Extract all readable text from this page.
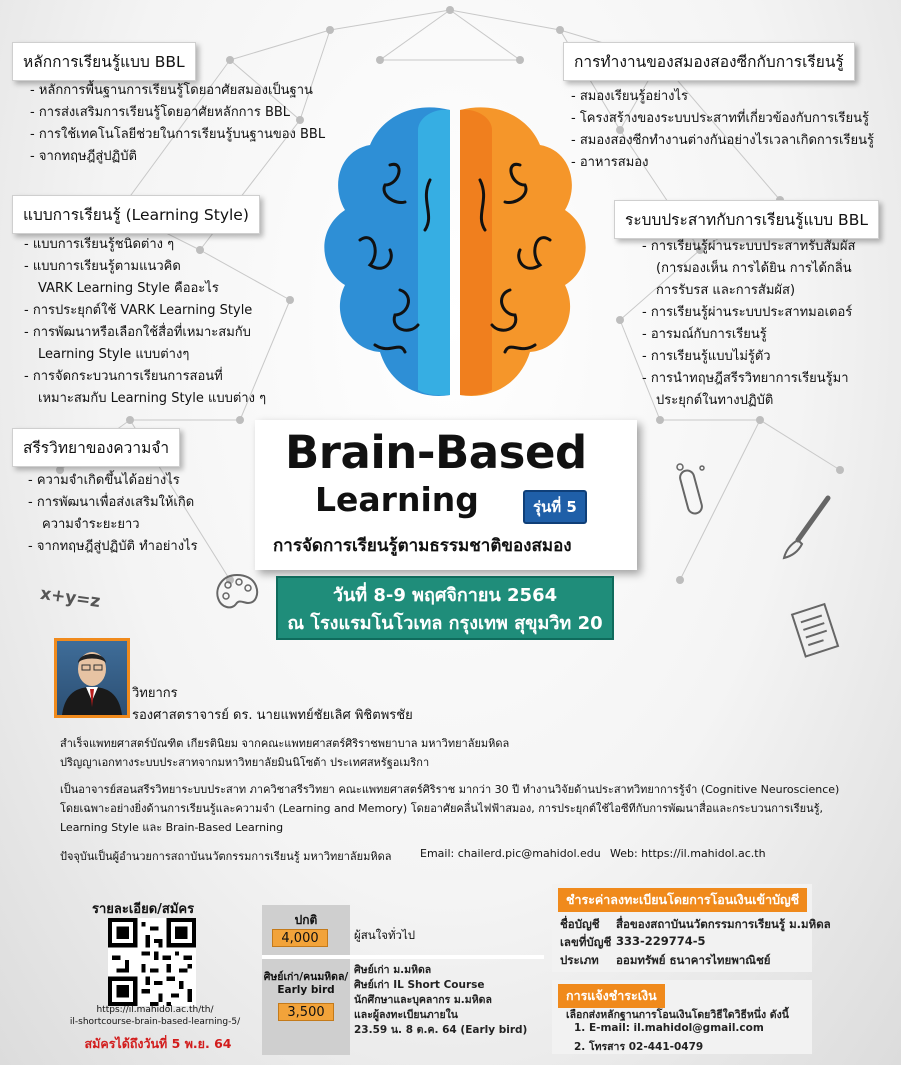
หลักการเรียนรู้แบบ BBL
- หลักการพื้นฐานการเรียนรู้โดยอาศัยสมองเป็นฐาน
- การส่งเสริมการเรียนรู้โดยอาศัยหลักการ BBL
- การใช้เทคโนโลยีช่วยในการเรียนรู้บนฐานของ BBL
- จากทฤษฎีสู่ปฏิบัติ
แบบการเรียนรู้ (Learning Style)
- แบบการเรียนรู้ชนิดต่าง ๆ
- แบบการเรียนรู้ตามแนวคิด
VARK Learning Style คืออะไร
- การประยุกต์ใช้ VARK Learning Style
- การพัฒนาหรือเลือกใช้สื่อที่เหมาะสมกับ
Learning Style แบบต่างๆ
- การจัดกระบวนการเรียนการสอนที่
เหมาะสมกับ Learning Style แบบต่าง ๆ
สรีรวิทยาของความจำ
- ความจำเกิดขึ้นได้อย่างไร
- การพัฒนาเพื่อส่งเสริมให้เกิด
ความจำระยะยาว
- จากทฤษฎีสู่ปฏิบัติ ทำอย่างไร
การทำงานของสมองสองซีกกับการเรียนรู้
- สมองเรียนรู้อย่างไร
- โครงสร้างของระบบประสาทที่เกี่ยวข้องกับการเรียนรู้
- สมองสองซีกทำงานต่างกันอย่างไรเวลาเกิดการเรียนรู้
- อาหารสมอง
ระบบประสาทกับการเรียนรู้แบบ BBL
- การเรียนรู้ผ่านระบบประสาทรับสัมผัส
(การมองเห็น การได้ยิน การได้กลิ่น
การรับรส และการสัมผัส)
- การเรียนรู้ผ่านระบบประสาทมอเตอร์
- อารมณ์กับการเรียนรู้
- การเรียนรู้แบบไม่รู้ตัว
- การนำทฤษฎีสรีรวิทยาการเรียนรู้มา
ประยุกต์ในทางปฏิบัติ
Brain-Based
Learning	รุ่นที่ 5
การจัดการเรียนรู้ตามธรรมชาติของสมอง
วันที่ 8-9 พฤศจิกายน 2564
ณ โรงแรมโนโวเทล กรุงเทพ สุขุมวิท 20
x+y=z
วิทยากร
รองศาสตราจารย์ ดร. นายแพทย์ชัยเลิศ พิชิตพรชัย
สำเร็จแพทยศาสตร์บัณฑิต เกียรตินิยม จากคณะแพทยศาสตร์ศิริราชพยาบาล มหาวิทยาลัยมหิดล
ปริญญาเอกทางระบบประสาทจากมหาวิทยาลัยมินนิโซต้า ประเทศสหรัฐอเมริกา
เป็นอาจารย์สอนสรีรวิทยาระบบประสาท ภาควิชาสรีรวิทยา คณะแพทยศาสตร์ศิริราช มากว่า 30 ปี ทำงานวิจัยด้านประสาทวิทยาการรู้จำ (Cognitive Neuroscience)
โดยเฉพาะอย่างยิ่งด้านการเรียนรู้และความจำ (Learning and Memory) โดยอาศัยคลื่นไฟฟ้าสมอง, การประยุกต์ใช้ไอซีทีกับการพัฒนาสื่อและกระบวนการเรียนรู้,
Learning Style และ Brain-Based Learning
ปัจจุบันเป็นผู้อำนวยการสถาบันนวัตกรรมการเรียนรู้ มหาวิทยาลัยมหิดล	Email: chailerd.pic@mahidol.edu Web: https://il.mahidol.ac.th
รายละเอียด/สมัคร
https://il.mahidol.ac.th/th/
il-shortcourse-brain-based-learning-5/
สมัครได้ถึงวันที่ 5 พ.ย. 64
ปกติ
4,000	ผู้สนใจทั่วไป
ศิษย์เก่า/คนมหิดล/
Early bird
3,500
ศิษย์เก่า ม.มหิดล
ศิษย์เก่า IL Short Course
นักศึกษาและบุคลากร ม.มหิดล
และผู้ลงทะเบียนภายใน
23.59 น. 8 ต.ค. 64 (Early bird)
ชำระค่าลงทะเบียนโดยการโอนเงินเข้าบัญชี
ชื่อบัญชี สื่อของสถาบันนวัตกรรมการเรียนรู้ ม.มหิดล
เลขที่บัญชี 333-229774-5
ประเภท ออมทรัพย์ ธนาคารไทยพาณิชย์
การแจ้งชำระเงิน
เลือกส่งหลักฐานการโอนเงินโดยวิธีใดวิธีหนึ่ง ดังนี้
1. E-mail: il.mahidol@gmail.com
2. โทรสาร 02-441-0479
